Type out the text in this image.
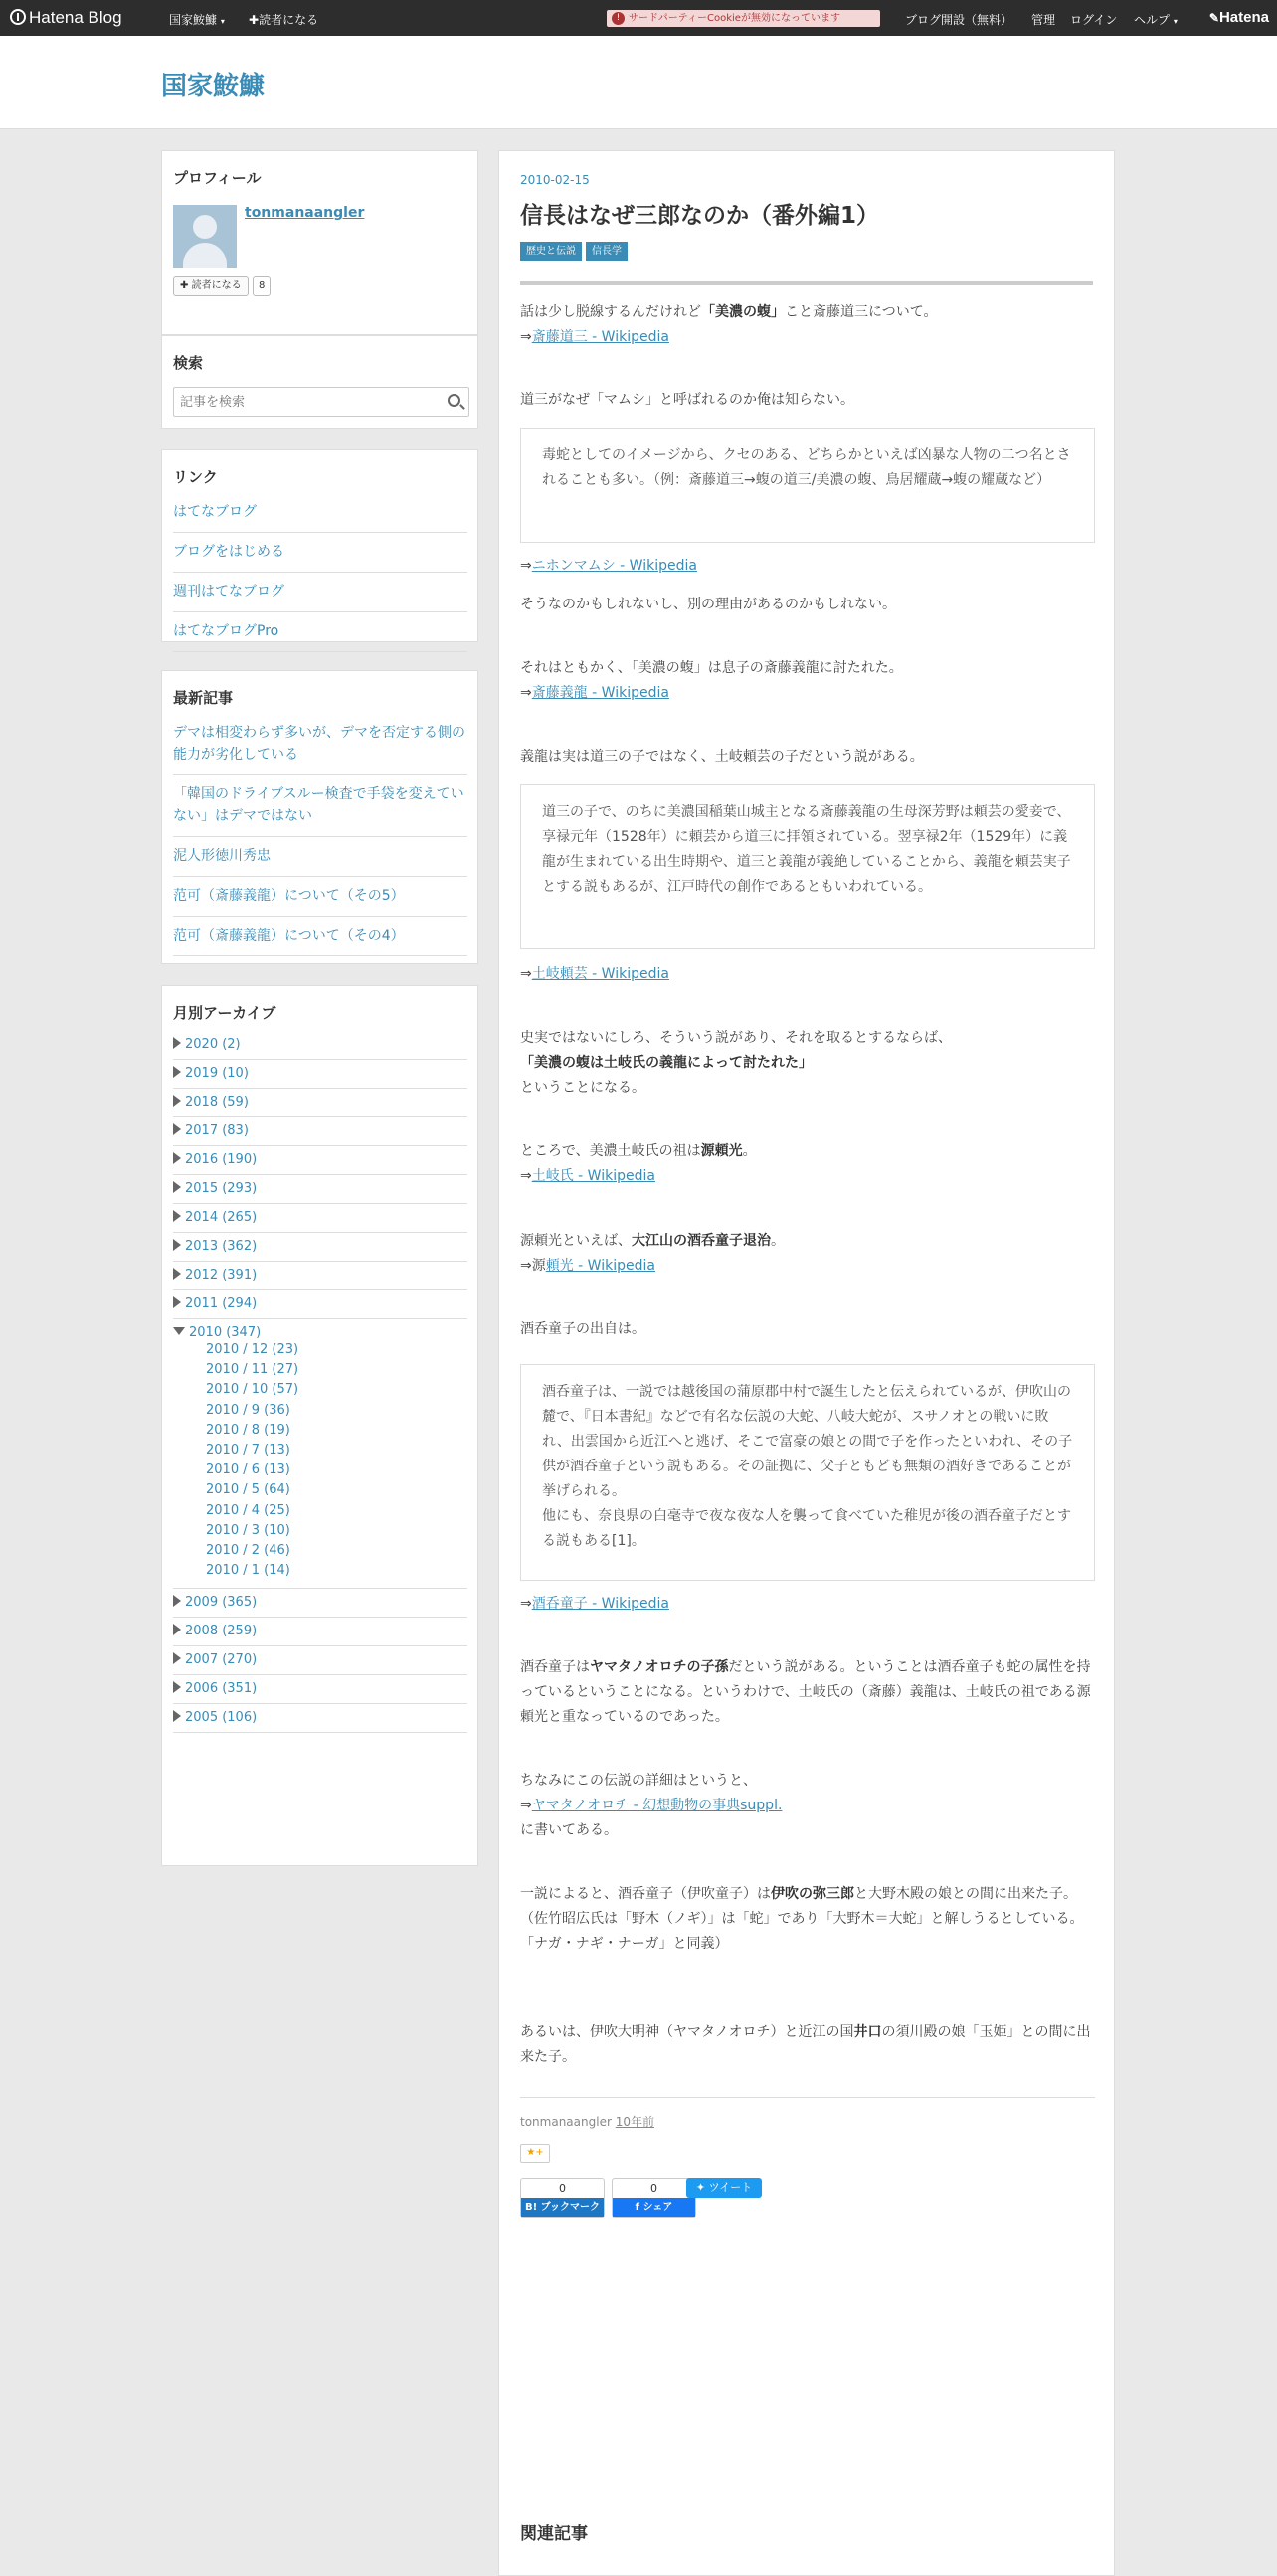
Hatena Blog	国家鮟鱇 ▾ ✚読者になる	! サードパーティーCookieが無効になっています	ブログ開設（無料） 管理 ログイン ヘルプ ▾	✎Hatena
国家鮟鱇
プロフィール
tonmanaangler
✚ 読者になる	8
検索
記事を検索
リンク
はてなブログ
ブログをはじめる
週刊はてなブログ
はてなブログPro
最新記事
デマは相変わらず多いが、デマを否定する側の能力が劣化している
「韓国のドライブスルー検査で手袋を変えていない」はデマではない
泥人形徳川秀忠
范可（斎藤義龍）について（その5）
范可（斎藤義龍）について（その4）
月別アーカイブ
2020 (2)
2019 (10)
2018 (59)
2017 (83)
2016 (190)
2015 (293)
2014 (265)
2013 (362)
2012 (391)
2011 (294)
2010 (347)
2010 / 12 (23)
2010 / 11 (27)
2010 / 10 (57)
2010 / 9 (36)
2010 / 8 (19)
2010 / 7 (13)
2010 / 6 (13)
2010 / 5 (64)
2010 / 4 (25)
2010 / 3 (10)
2010 / 2 (46)
2010 / 1 (14)
2009 (365)
2008 (259)
2007 (270)
2006 (351)
2005 (106)
2010-02-15
信長はなぜ三郎なのか（番外編1）
歴史と伝説 信長学

話は少し脱線するんだけれど「美濃の蝮」こと斎藤道三について。
⇒斎藤道三 - Wikipedia

道三がなぜ「マムシ」と呼ばれるのか俺は知らない。

毒蛇としてのイメージから、クセのある、どちらかといえば凶暴な人物の二つ名とされることも多い。（例：斎藤道三→蝮の道三/美濃の蝮、鳥居耀蔵→蝮の耀蔵など）

⇒ニホンマムシ - Wikipedia

そうなのかもしれないし、別の理由があるのかもしれない。

それはともかく、「美濃の蝮」は息子の斎藤義龍に討たれた。
⇒斎藤義龍 - Wikipedia

義龍は実は道三の子ではなく、土岐頼芸の子だという説がある。

道三の子で、のちに美濃国稲葉山城主となる斎藤義龍の生母深芳野は頼芸の愛妾で、享禄元年（1528年）に頼芸から道三に拝領されている。翌享禄2年（1529年）に義龍が生まれている出生時期や、道三と義龍が義絶していることから、義龍を頼芸実子とする説もあるが、江戸時代の創作であるともいわれている。

⇒土岐頼芸 - Wikipedia

史実ではないにしろ、そういう説があり、それを取るとするならば、
「美濃の蝮は土岐氏の義龍によって討たれた」
ということになる。

ところで、美濃土岐氏の祖は源頼光。
⇒土岐氏 - Wikipedia

源頼光といえば、大江山の酒呑童子退治。
⇒源頼光 - Wikipedia

酒呑童子の出自は。

酒呑童子は、一説では越後国の蒲原郡中村で誕生したと伝えられているが、伊吹山の麓で、『日本書紀』などで有名な伝説の大蛇、八岐大蛇が、スサノオとの戦いに敗れ、出雲国から近江へと逃げ、そこで富豪の娘との間で子を作ったといわれ、その子供が酒呑童子という説もある。その証拠に、父子ともども無類の酒好きであることが挙げられる。
他にも、奈良県の白毫寺で夜な夜な人を襲って食べていた稚児が後の酒呑童子だとする説もある[1]。

⇒酒呑童子 - Wikipedia

酒呑童子はヤマタノオロチの子孫だという説がある。ということは酒呑童子も蛇の属性を持っているということになる。というわけで、土岐氏の（斎藤）義龍は、土岐氏の祖である源頼光と重なっているのであった。

ちなみにこの伝説の詳細はというと、
⇒ヤマタノオロチ - 幻想動物の事典suppl.
に書いてある。

一説によると、酒呑童子（伊吹童子）は伊吹の弥三郎と大野木殿の娘との間に出来た子。
（佐竹昭広氏は「野木（ノギ）」は「蛇」であり「大野木＝大蛇」と解しうるとしている。「ナガ・ナギ・ナーガ」と同義）

あるいは、伊吹大明神（ヤマタノオロチ）と近江の国井口の須川殿の娘「玉姫」との間に出来た子。

tonmanaangler 10年前
★+
0
B! ブックマーク
0
f シェア
✦ ツイート
関連記事
